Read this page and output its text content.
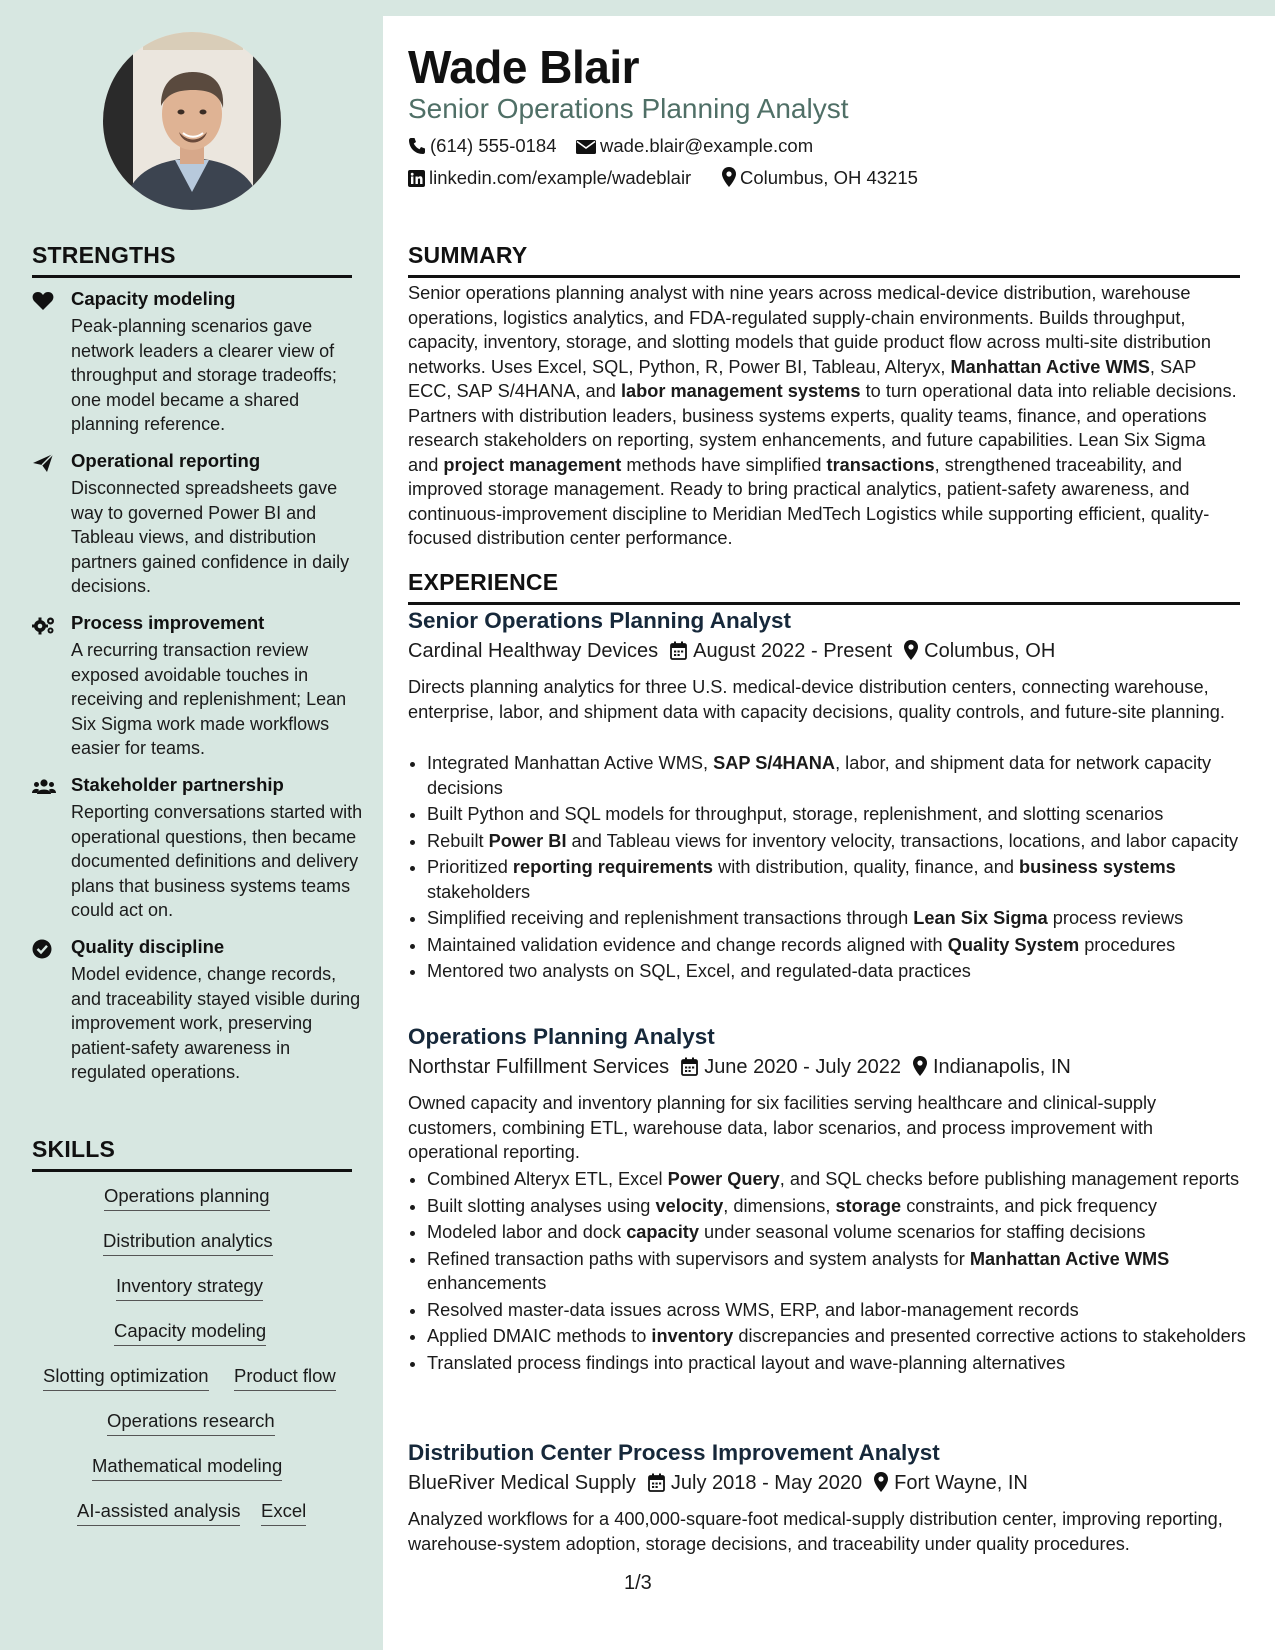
STRENGTHS
Capacity modeling
Peak-planning scenarios gave network leaders a clearer view of throughput and storage tradeoffs; one model became a shared planning reference.
Operational reporting
Disconnected spreadsheets gave way to governed Power BI and Tableau views, and distribution partners gained confidence in daily decisions.
Process improvement
A recurring transaction review exposed avoidable touches in receiving and replenishment; Lean Six Sigma work made workflows easier for teams.
Stakeholder partnership
Reporting conversations started with operational questions, then became documented definitions and delivery plans that business systems teams could act on.
Quality discipline
Model evidence, change records, and traceability stayed visible during improvement work, preserving patient-safety awareness in regulated operations.
SKILLS
Operations planning
Distribution analytics
Inventory strategy
Capacity modeling
Slotting optimization Product flow
Operations research
Mathematical modeling
AI-assisted analysis Excel
Wade Blair
Senior Operations Planning Analyst
(614) 555-0184	wade.blair@example.com
linkedin.com/example/wadeblair	Columbus, OH 43215
SUMMARY
Senior operations planning analyst with nine years across medical-device distribution, warehouse operations, logistics analytics, and FDA-regulated supply-chain environments. Builds throughput, capacity, inventory, storage, and slotting models that guide product flow across multi-site distribution networks. Uses Excel, SQL, Python, R, Power BI, Tableau, Alteryx, Manhattan Active WMS, SAP ECC, SAP S/4HANA, and labor management systems to turn operational data into reliable decisions. Partners with distribution leaders, business systems experts, quality teams, finance, and operations research stakeholders on reporting, system enhancements, and future capabilities. Lean Six Sigma and project management methods have simplified transactions, strengthened traceability, and improved storage management. Ready to bring practical analytics, patient-safety awareness, and continuous-improvement discipline to Meridian MedTech Logistics while supporting efficient, quality-focused distribution center performance.
EXPERIENCE
Senior Operations Planning Analyst
Cardinal Healthway Devices August 2022 - Present Columbus, OH
Directs planning analytics for three U.S. medical-device distribution centers, connecting warehouse, enterprise, labor, and shipment data with capacity decisions, quality controls, and future-site planning.
• Integrated Manhattan Active WMS, SAP S/4HANA, labor, and shipment data for network capacity decisions
• Built Python and SQL models for throughput, storage, replenishment, and slotting scenarios
• Rebuilt Power BI and Tableau views for inventory velocity, transactions, locations, and labor capacity
• Prioritized reporting requirements with distribution, quality, finance, and business systems stakeholders
• Simplified receiving and replenishment transactions through Lean Six Sigma process reviews
• Maintained validation evidence and change records aligned with Quality System procedures
• Mentored two analysts on SQL, Excel, and regulated-data practices
Operations Planning Analyst
Northstar Fulfillment Services June 2020 - July 2022 Indianapolis, IN
Owned capacity and inventory planning for six facilities serving healthcare and clinical-supply customers, combining ETL, warehouse data, labor scenarios, and process improvement with operational reporting.
• Combined Alteryx ETL, Excel Power Query, and SQL checks before publishing management reports
• Built slotting analyses using velocity, dimensions, storage constraints, and pick frequency
• Modeled labor and dock capacity under seasonal volume scenarios for staffing decisions
• Refined transaction paths with supervisors and system analysts for Manhattan Active WMS enhancements
• Resolved master-data issues across WMS, ERP, and labor-management records
• Applied DMAIC methods to inventory discrepancies and presented corrective actions to stakeholders
• Translated process findings into practical layout and wave-planning alternatives
Distribution Center Process Improvement Analyst
BlueRiver Medical Supply July 2018 - May 2020 Fort Wayne, IN
Analyzed workflows for a 400,000-square-foot medical-supply distribution center, improving reporting, warehouse-system adoption, storage decisions, and traceability under quality procedures.
1/3
